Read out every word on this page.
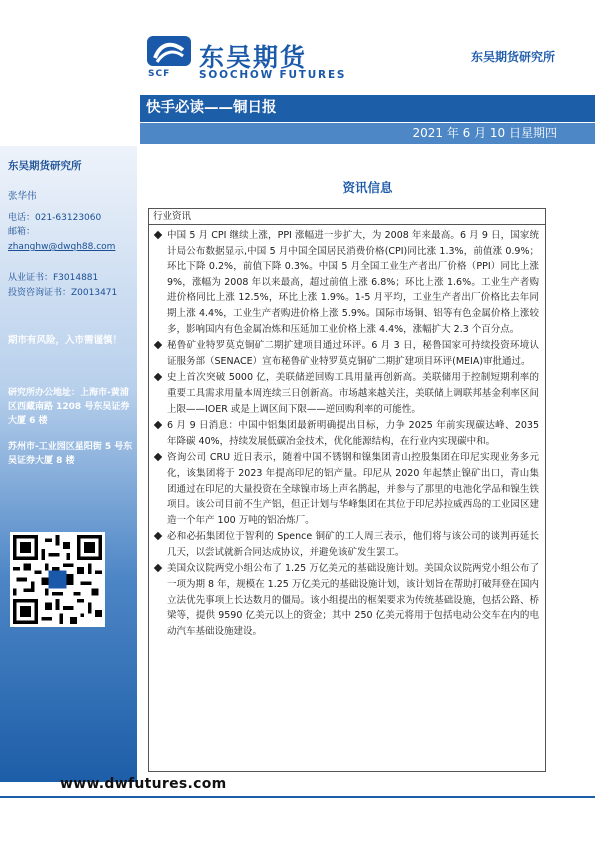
SCF
东吴期货
SOOCHOW FUTURES
东吴期货研究所
快手必读——铜日报
2021 年 6 月 10 日星期四
东吴期货研究所
张华伟
电话：021-63123060
邮箱：
zhanghw@dwqh88.com
从业证书：F3014881
投资咨询证书：Z0013471
期市有风险，入市需谨慎！
研究所办公地址：上海市-黄浦区西藏南路 1208 号东吴证券大厦 6 楼
苏州市-工业园区星阳街 5 号东吴证券大厦 8 楼
资讯信息
行业资讯
中国 5 月 CPI 继续上涨，PPI 涨幅进一步扩大，为 2008 年来最高。6 月 9 日，国家统计局公布数据显示,中国 5 月中国全国居民消费价格(CPI)同比涨 1.3%，前值涨 0.9%；环比下降 0.2%，前值下降 0.3%。中国 5 月全国工业生产者出厂价格（PPI）同比上涨 9%，涨幅为 2008 年以来最高，超过前值上涨 6.8%；环比上涨 1.6%。工业生产者购进价格同比上涨 12.5%，环比上涨 1.9%。1-5 月平均，工业生产者出厂价格比去年同期上涨 4.4%，工业生产者购进价格上涨 5.9%。国际市场铜、铝等有色金属价格上涨较多，影响国内有色金属冶炼和压延加工业价格上涨 4.4%，涨幅扩大 2.3 个百分点。
秘鲁矿业特罗莫克铜矿二期扩建项目通过环评。6 月 3 日，秘鲁国家可持续投资环境认证服务部（SENACE）宣布秘鲁矿业特罗莫克铜矿二期扩建项目环评(MEIA)审批通过。
史上首次突破 5000 亿，美联储逆回购工具用量再创新高。美联储用于控制短期利率的重要工具需求用量本周连续三日创新高。市场越来越关注，美联储上调联邦基金利率区间上限——IOER 或是上调区间下限——逆回购利率的可能性。
6 月 9 日消息：中国中铝集团最新明确提出目标，力争 2025 年前实现碳达峰、2035 年降碳 40%，持续发展低碳冶金技术，优化能源结构，在行业内实现碳中和。
咨询公司 CRU 近日表示，随着中国不锈钢和镍集团青山控股集团在印尼实现业务多元化，该集团将于 2023 年提高印尼的铝产量。印尼从 2020 年起禁止镍矿出口，青山集团通过在印尼的大量投资在全球镍市场上声名鹊起，并参与了那里的电池化学品和镍生铁项目。该公司目前不生产铝，但正计划与华峰集团在其位于印尼苏拉威西岛的工业园区建造一个年产 100 万吨的铝冶炼厂。
必和必拓集团位于智利的 Spence 铜矿的工人周三表示，他们将与该公司的谈判再延长几天，以尝试就新合同达成协议，并避免该矿发生罢工。
美国众议院两党小组公布了 1.25 万亿美元的基础设施计划。美国众议院两党小组公布了一项为期 8 年，规模在 1.25 万亿美元的基础设施计划，该计划旨在帮助打破拜登在国内立法优先事项上长达数月的僵局。该小组提出的框架要求为传统基础设施，包括公路、桥梁等，提供 9590 亿美元以上的资金；其中 250 亿美元将用于包括电动公交车在内的电动汽车基础设施建设。
www.dwfutures.com
